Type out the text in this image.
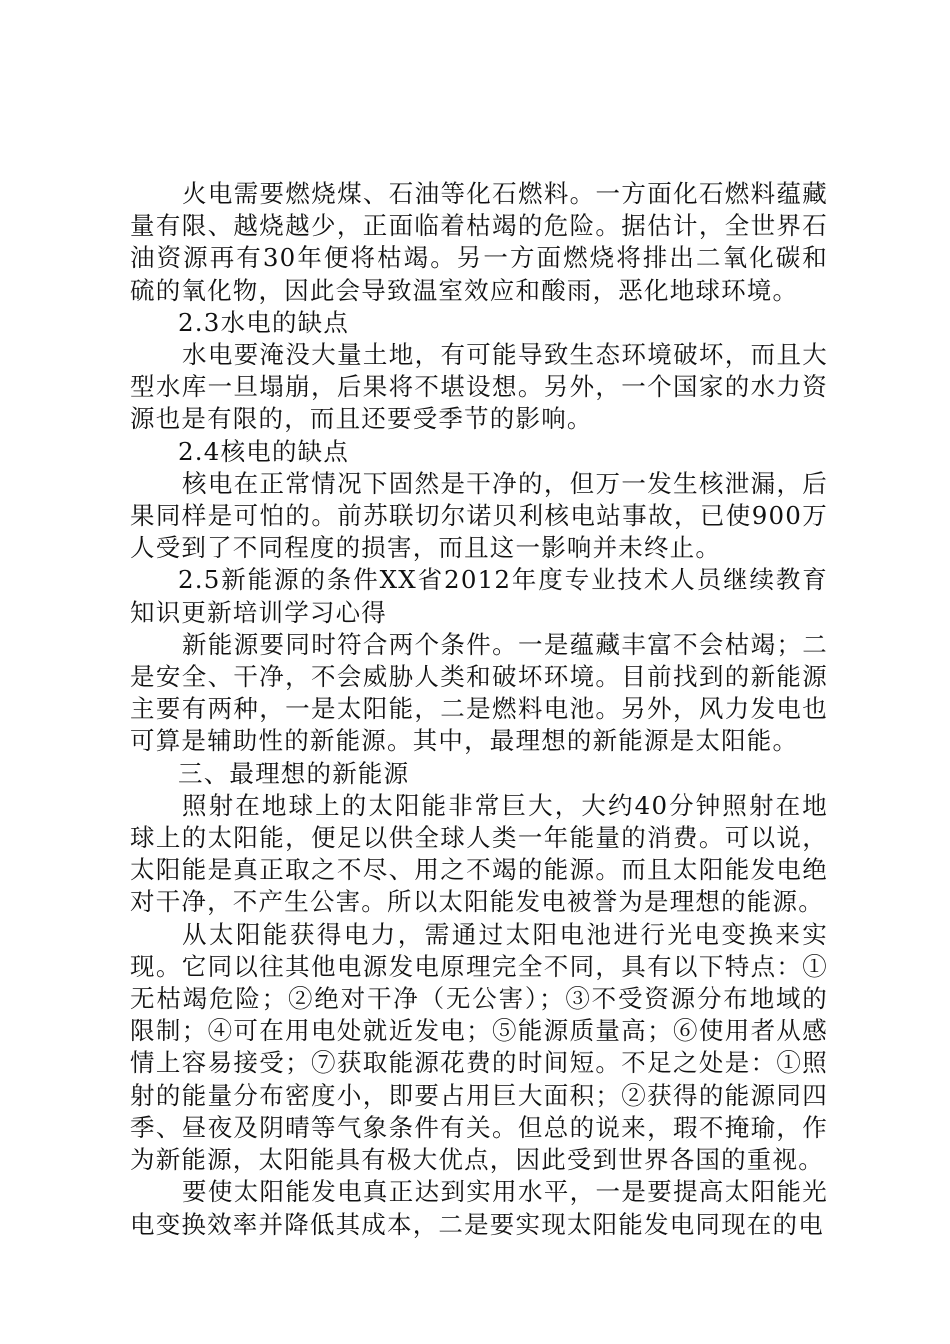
火电需要燃烧煤、石油等化石燃料。一方面化石燃料蕴藏量有限、越烧越少，正面临着枯竭的危险。据估计，全世界石油资源再有30年便将枯竭。另一方面燃烧将排出二氧化碳和硫的氧化物，因此会导致温室效应和酸雨，恶化地球环境。

2.3水电的缺点

水电要淹没大量土地，有可能导致生态环境破坏，而且大型水库一旦塌崩，后果将不堪设想。另外，一个国家的水力资源也是有限的，而且还要受季节的影响。

2.4核电的缺点

核电在正常情况下固然是干净的，但万一发生核泄漏，后果同样是可怕的。前苏联切尔诺贝利核电站事故，已使900万人受到了不同程度的损害，而且这一影响并未终止。

2.5新能源的条件XX省2012年度专业技术人员继续教育知识更新培训学习心得

新能源要同时符合两个条件。一是蕴藏丰富不会枯竭；二是安全、干净，不会威胁人类和破坏环境。目前找到的新能源主要有两种，一是太阳能，二是燃料电池。另外，风力发电也可算是辅助性的新能源。其中，最理想的新能源是太阳能。

三、最理想的新能源

照射在地球上的太阳能非常巨大，大约40分钟照射在地球上的太阳能，便足以供全球人类一年能量的消费。可以说，太阳能是真正取之不尽、用之不竭的能源。而且太阳能发电绝对干净，不产生公害。所以太阳能发电被誉为是理想的能源。

从太阳能获得电力，需通过太阳电池进行光电变换来实现。它同以往其他电源发电原理完全不同，具有以下特点：①无枯竭危险；②绝对干净（无公害）；③不受资源分布地域的限制；④可在用电处就近发电；⑤能源质量高；⑥使用者从感情上容易接受；⑦获取能源花费的时间短。不足之处是：①照射的能量分布密度小，即要占用巨大面积；②获得的能源同四季、昼夜及阴晴等气象条件有关。但总的说来，瑕不掩瑜，作为新能源，太阳能具有极大优点，因此受到世界各国的重视。

要使太阳能发电真正达到实用水平，一是要提高太阳能光电变换效率并降低其成本，二是要实现太阳能发电同现在的电
